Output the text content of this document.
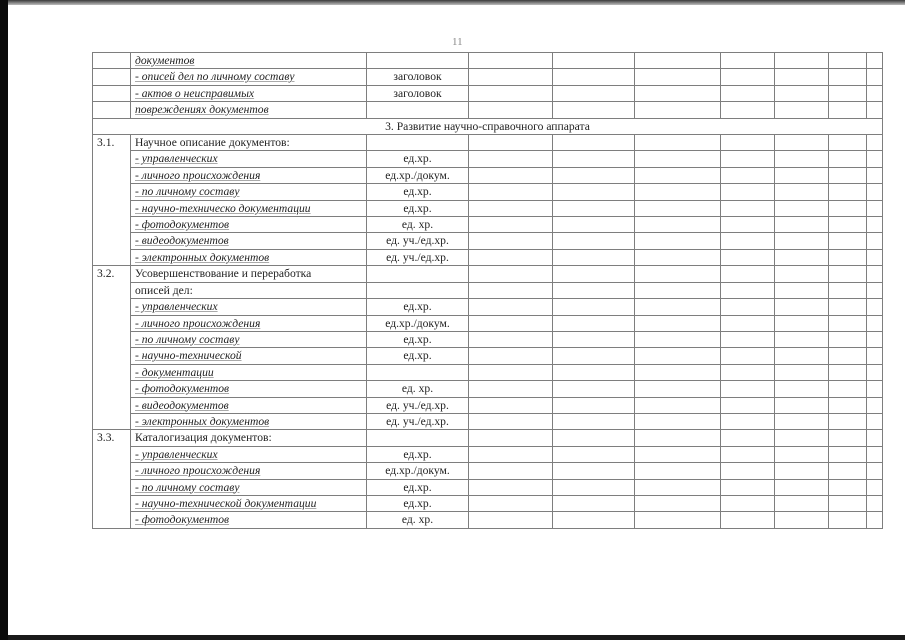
11
	документов								
	- описей дел по личному составу	заголовок							
	- актов о неисправимых	заголовок							
	повреждениях документов								
3. Развитие научно-справочного аппарата									
3.1.	Научное описание документов:								
	- управленческих	ед.хр.							
	- личного происхождения	ед.хр./докум.							
	- по личному составу	ед.хр.							
	- научно-техническо документации	ед.хр.							
	- фотодокументов	ед. хр.							
	- видеодокументов	ед. уч./ед.хр.							
	- электронных документов	ед. уч./ед.хр.							
3.2.	Усовершенствование и переработка								
	описей дел:								
	- управленческих	ед.хр.							
	- личного происхождения	ед.хр./докум.							
	- по личному составу	ед.хр.							
	- научно-технической	ед.хр.							
	- документации								
	- фотодокументов	ед. хр.							
	- видеодокументов	ед. уч./ед.хр.							
	- электронных документов	ед. уч./ед.хр.							
3.3.	Каталогизация документов:								
	- управленческих	ед.хр.							
	- личного происхождения	ед.хр./докум.							
	- по личному составу	ед.хр.							
	- научно-технической документации	ед.хр.							
	- фотодокументов	ед. хр.							
